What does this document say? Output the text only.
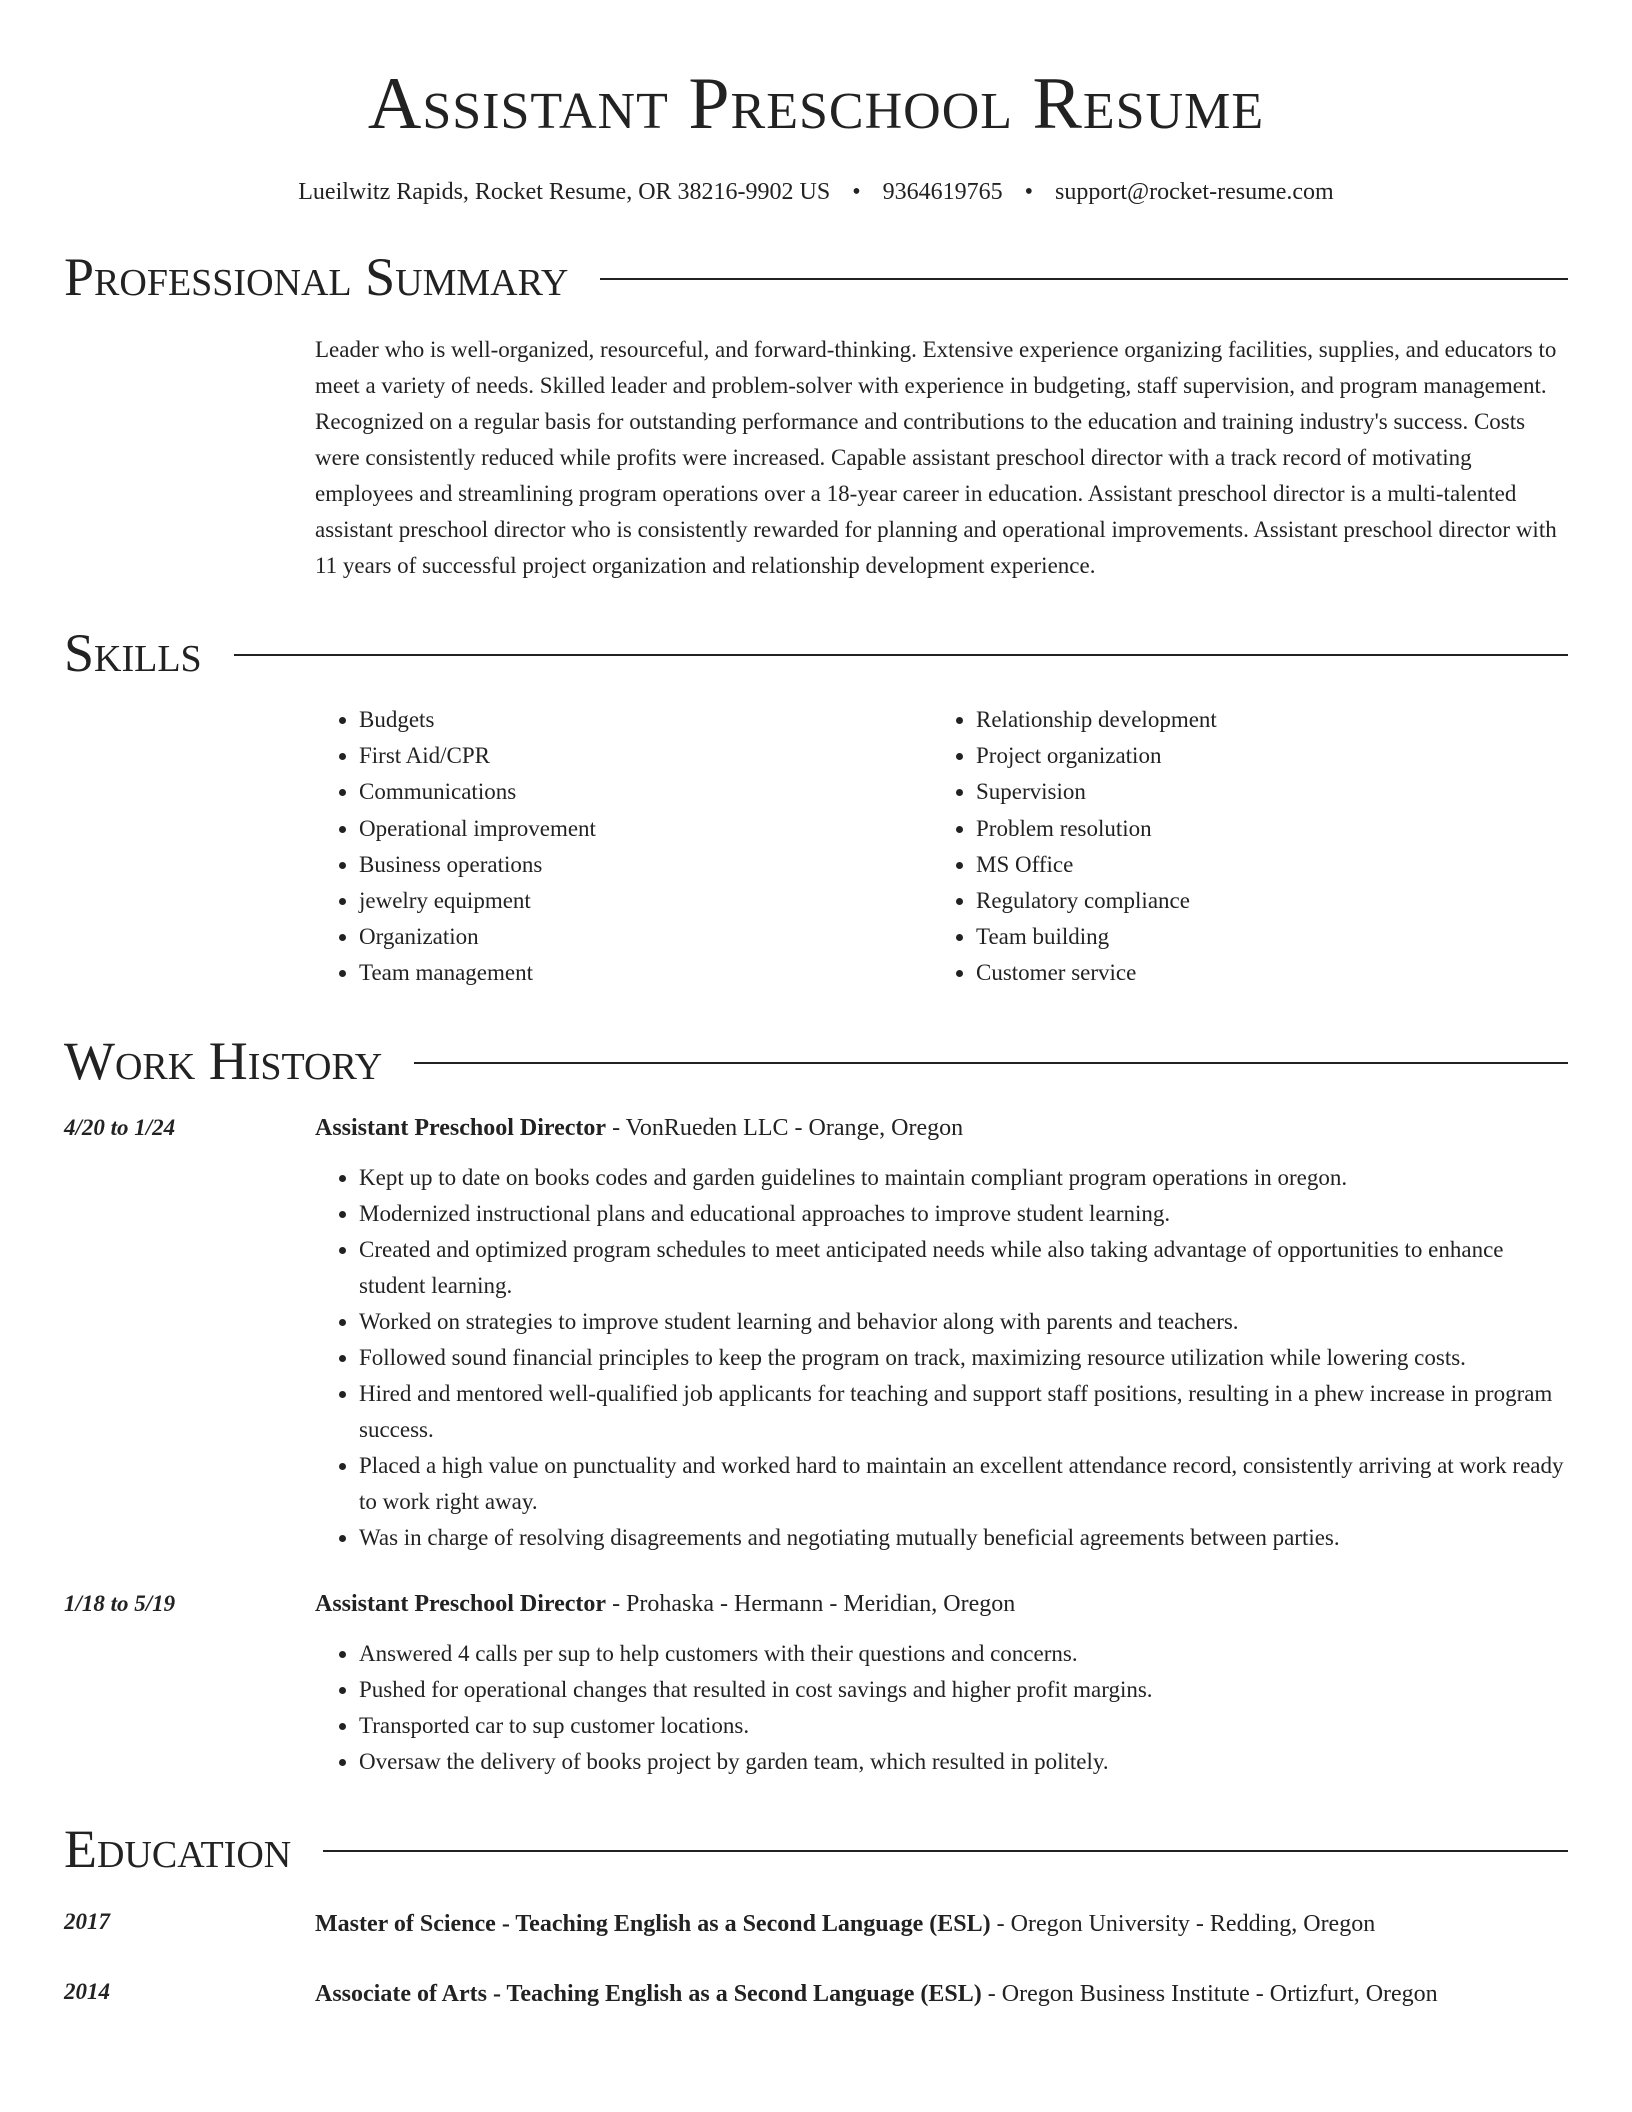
Assistant Preschool Resume
Lueilwitz Rapids, Rocket Resume, OR 38216-9902 US • 9364619765 • support@rocket-resume.com
Professional Summary
Leader who is well-organized, resourceful, and forward-thinking. Extensive experience organizing facilities, supplies, and educators to meet a variety of needs. Skilled leader and problem-solver with experience in budgeting, staff supervision, and program management. Recognized on a regular basis for outstanding performance and contributions to the education and training industry's success. Costs were consistently reduced while profits were increased. Capable assistant preschool director with a track record of motivating employees and streamlining program operations over a 18-year career in education. Assistant preschool director is a multi-talented assistant preschool director who is consistently rewarded for planning and operational improvements. Assistant preschool director with 11 years of successful project organization and relationship development experience.
Skills
• Budgets
• First Aid/CPR
• Communications
• Operational improvement
• Business operations
• jewelry equipment
• Organization
• Team management
• Relationship development
• Project organization
• Supervision
• Problem resolution
• MS Office
• Regulatory compliance
• Team building
• Customer service
Work History
4/20 to 1/24	Assistant Preschool Director - VonRueden LLC - Orange, Oregon
• Kept up to date on books codes and garden guidelines to maintain compliant program operations in oregon.
• Modernized instructional plans and educational approaches to improve student learning.
• Created and optimized program schedules to meet anticipated needs while also taking advantage of opportunities to enhance student learning.
• Worked on strategies to improve student learning and behavior along with parents and teachers.
• Followed sound financial principles to keep the program on track, maximizing resource utilization while lowering costs.
• Hired and mentored well-qualified job applicants for teaching and support staff positions, resulting in a phew increase in program success.
• Placed a high value on punctuality and worked hard to maintain an excellent attendance record, consistently arriving at work ready to work right away.
• Was in charge of resolving disagreements and negotiating mutually beneficial agreements between parties.
1/18 to 5/19	Assistant Preschool Director - Prohaska - Hermann - Meridian, Oregon
• Answered 4 calls per sup to help customers with their questions and concerns.
• Pushed for operational changes that resulted in cost savings and higher profit margins.
• Transported car to sup customer locations.
• Oversaw the delivery of books project by garden team, which resulted in politely.
Education
2017	Master of Science - Teaching English as a Second Language (ESL) - Oregon University - Redding, Oregon
2014	Associate of Arts - Teaching English as a Second Language (ESL) - Oregon Business Institute - Ortizfurt, Oregon
